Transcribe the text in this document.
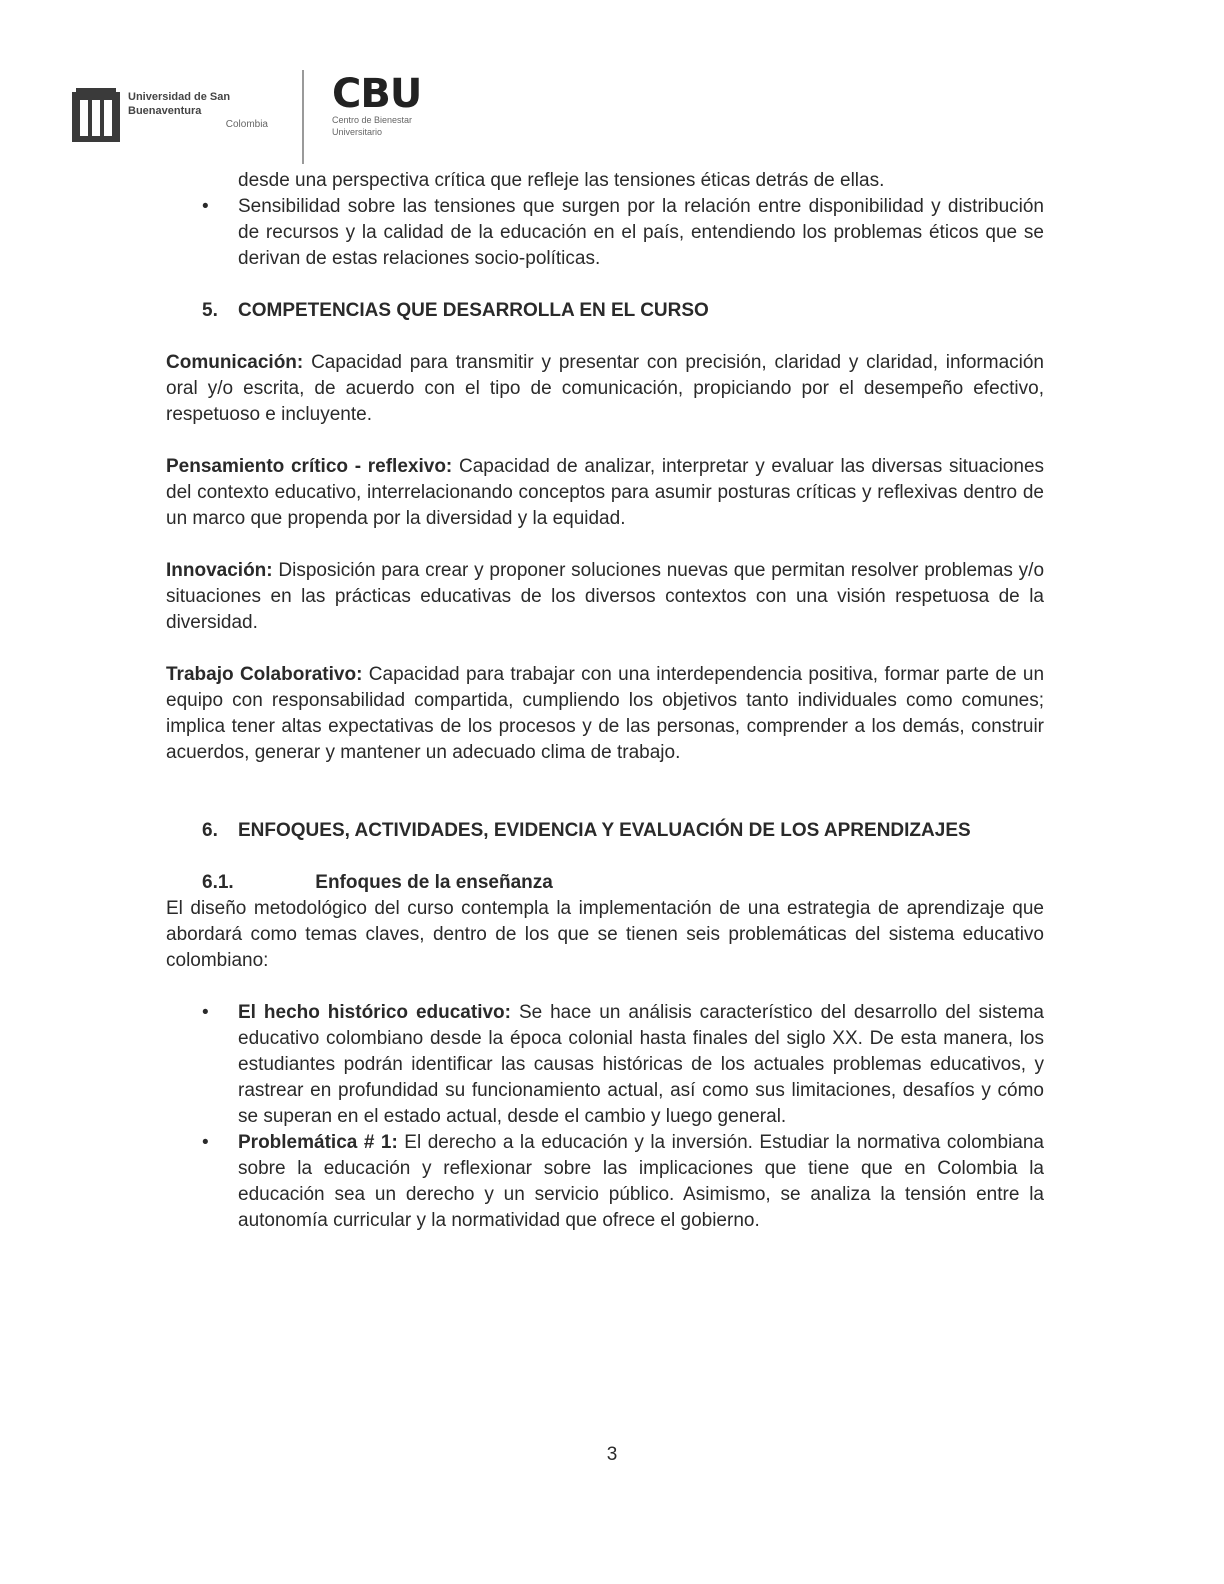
Universidad de San Buenaventura
Colombia
CBU
Centro de Bienestar Universitario

desde una perspectiva crítica que refleje las tensiones éticas detrás de ellas.

• Sensibilidad sobre las tensiones que surgen por la relación entre disponibilidad y distribución de recursos y la calidad de la educación en el país, entendiendo los problemas éticos que se derivan de estas relaciones socio-políticas.
5. COMPETENCIAS QUE DESARROLLA EN EL CURSO

Comunicación: Capacidad para transmitir y presentar con precisión, claridad y claridad, información oral y/o escrita, de acuerdo con el tipo de comunicación, propiciando por el desempeño efectivo, respetuoso e incluyente.

Pensamiento crítico - reflexivo: Capacidad de analizar, interpretar y evaluar las diversas situaciones del contexto educativo, interrelacionando conceptos para asumir posturas críticas y reflexivas dentro de un marco que propenda por la diversidad y la equidad.

Innovación: Disposición para crear y proponer soluciones nuevas que permitan resolver problemas y/o situaciones en las prácticas educativas de los diversos contextos con una visión respetuosa de la diversidad.

Trabajo Colaborativo: Capacidad para trabajar con una interdependencia positiva, formar parte de un equipo con responsabilidad compartida, cumpliendo los objetivos tanto individuales como comunes; implica tener altas expectativas de los procesos y de las personas, comprender a los demás, construir acuerdos, generar y mantener un adecuado clima de trabajo.

6. ENFOQUES, ACTIVIDADES, EVIDENCIA Y EVALUACIÓN DE LOS APRENDIZAJES
6.1.	Enfoques de la enseñanza

El diseño metodológico del curso contempla la implementación de una estrategia de aprendizaje que abordará como temas claves, dentro de los que se tienen seis problemáticas del sistema educativo colombiano:

• El hecho histórico educativo: Se hace un análisis característico del desarrollo del sistema educativo colombiano desde la época colonial hasta finales del siglo XX. De esta manera, los estudiantes podrán identificar las causas históricas de los actuales problemas educativos, y rastrear en profundidad su funcionamiento actual, así como sus limitaciones, desafíos y cómo se superan en el estado actual, desde el cambio y luego general.
• Problemática # 1: El derecho a la educación y la inversión. Estudiar la normativa colombiana sobre la educación y reflexionar sobre las implicaciones que tiene que en Colombia la educación sea un derecho y un servicio público. Asimismo, se analiza la tensión entre la autonomía curricular y la normatividad que ofrece el gobierno.
3
